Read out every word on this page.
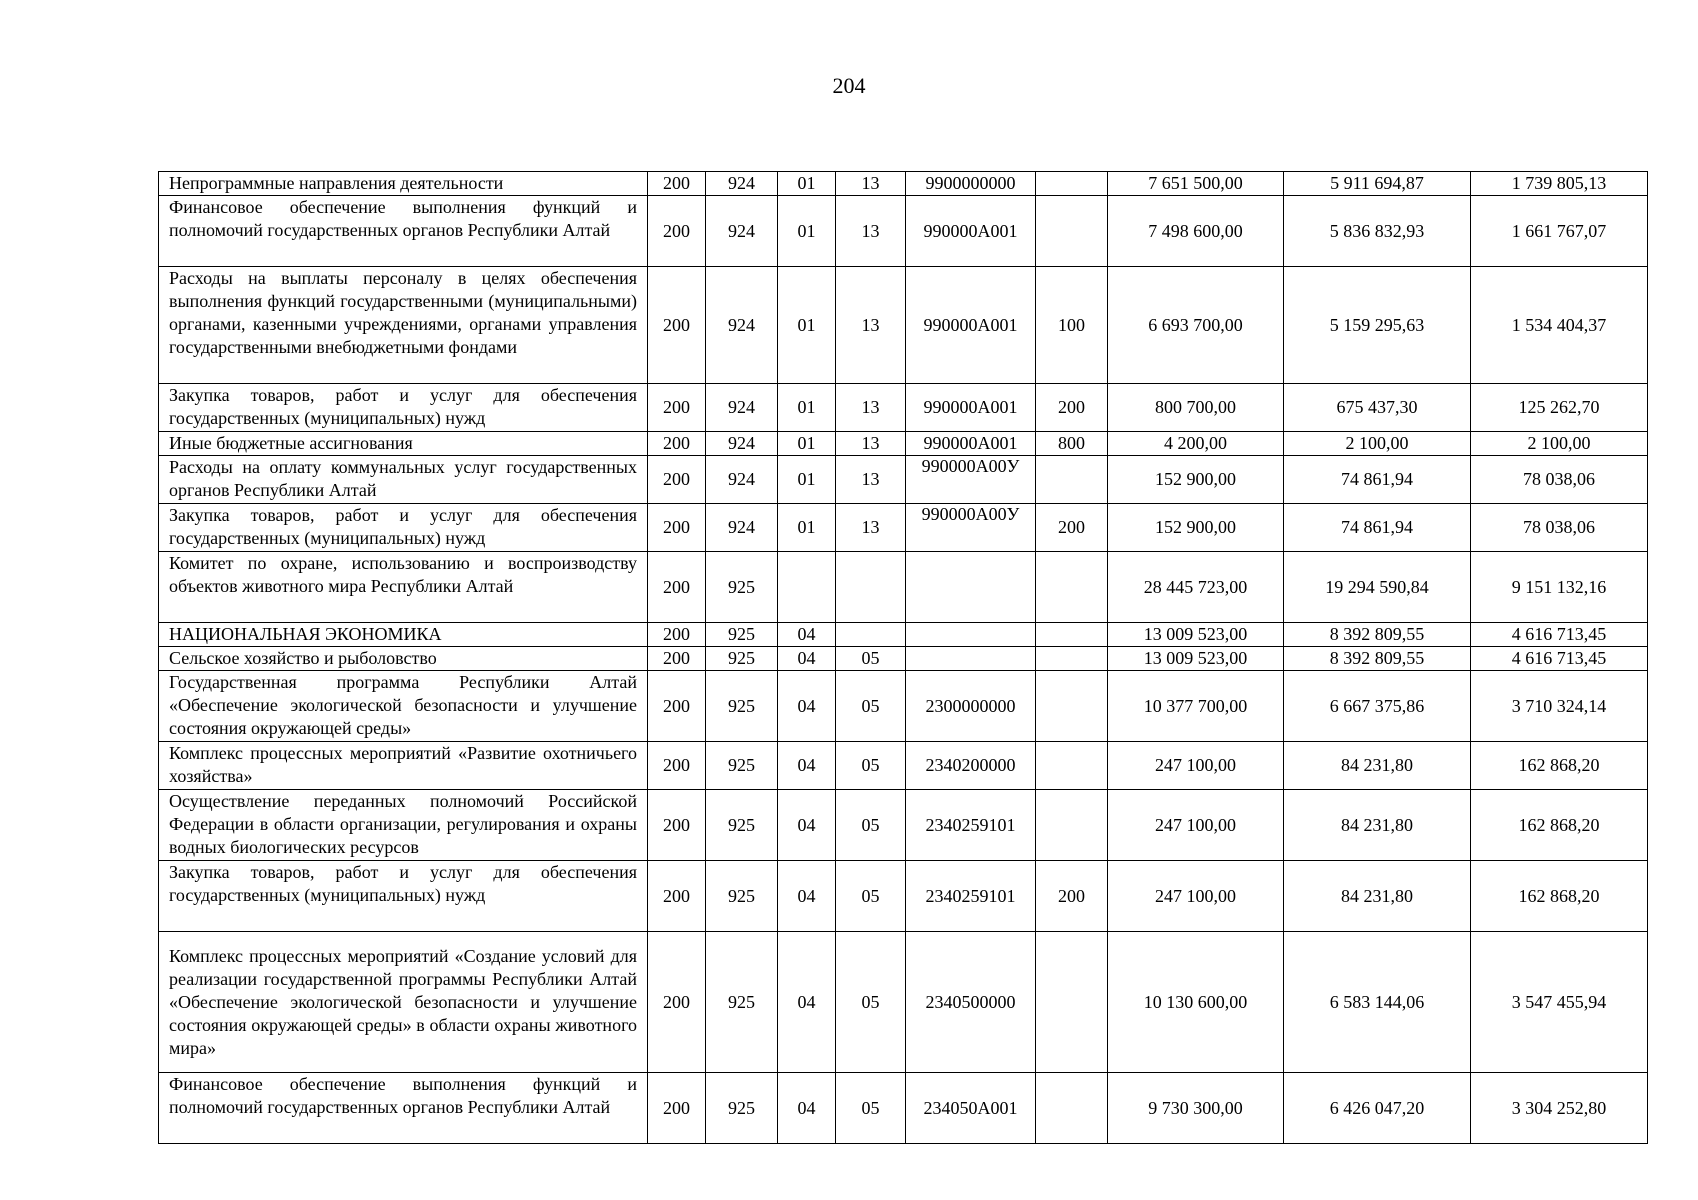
204
Непрограммные направления деятельности	200	924	01	13	9900000000		7 651 500,00	5 911 694,87	1 739 805,13
Финансовое обеспечение выполнения функций и полномочий государственных органов Республики Алтай	200	924	01	13	990000А001		7 498 600,00	5 836 832,93	1 661 767,07
Расходы на выплаты персоналу в целях обеспечения выполнения функций государственными (муниципальными) органами, казенными учреждениями, органами управления государственными внебюджетными фондами	200	924	01	13	990000А001	100	6 693 700,00	5 159 295,63	1 534 404,37
Закупка товаров, работ и услуг для обеспечения государственных (муниципальных) нужд	200	924	01	13	990000А001	200	800 700,00	675 437,30	125 262,70
Иные бюджетные ассигнования	200	924	01	13	990000А001	800	4 200,00	2 100,00	2 100,00
Расходы на оплату коммунальных услуг государственных органов Республики Алтай	200	924	01	13	990000А00У		152 900,00	74 861,94	78 038,06
Закупка товаров, работ и услуг для обеспечения государственных (муниципальных) нужд	200	924	01	13	990000А00У	200	152 900,00	74 861,94	78 038,06
Комитет по охране, использованию и воспроизводству объектов животного мира Республики Алтай	200	925					28 445 723,00	19 294 590,84	9 151 132,16
НАЦИОНАЛЬНАЯ ЭКОНОМИКА	200	925	04				13 009 523,00	8 392 809,55	4 616 713,45
Сельское хозяйство и рыболовство	200	925	04	05			13 009 523,00	8 392 809,55	4 616 713,45
Государственная программа Республики Алтай «Обеспечение экологической безопасности и улучшение состояния окружающей среды»	200	925	04	05	2300000000		10 377 700,00	6 667 375,86	3 710 324,14
Комплекс процессных мероприятий «Развитие охотничьего хозяйства»	200	925	04	05	2340200000		247 100,00	84 231,80	162 868,20
Осуществление переданных полномочий Российской Федерации в области организации, регулирования и охраны водных биологических ресурсов	200	925	04	05	2340259101		247 100,00	84 231,80	162 868,20
Закупка товаров, работ и услуг для обеспечения государственных (муниципальных) нужд	200	925	04	05	2340259101	200	247 100,00	84 231,80	162 868,20
Комплекс процессных мероприятий «Создание условий для реализации государственной программы Республики Алтай «Обеспечение экологической безопасности и улучшение состояния окружающей среды» в области охраны животного мира»	200	925	04	05	2340500000		10 130 600,00	6 583 144,06	3 547 455,94
Финансовое обеспечение выполнения функций и полномочий государственных органов Республики Алтай	200	925	04	05	234050А001		9 730 300,00	6 426 047,20	3 304 252,80
